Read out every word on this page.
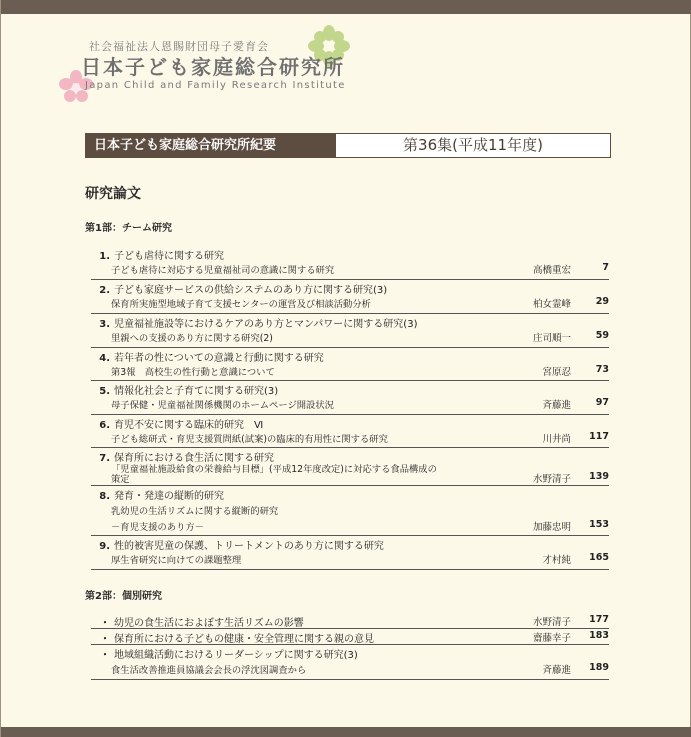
社会福祉法人恩賜財団母子愛育会
日本子ども家庭総合研究所
Japan Child and Family Research Institute
日本子ども家庭総合研究所紀要	第36集(平成11年度)
研究論文
第1部：チーム研究
第2部：個別研究
1. 子ども虐待に関する研究
子ども虐待に対応する児童福祉司の意識に関する研究	高橋重宏	7
2. 子ども家庭サービスの供給システムのあり方に関する研究(3)
保育所実施型地域子育て支援センターの運営及び相談活動分析	柏女霊峰	29
3. 児童福祉施設等におけるケアのあり方とマンパワーに関する研究(3)
里親への支援のあり方に関する研究(2)	庄司順一	59
4. 若年者の性についての意識と行動に関する研究
第3報　高校生の性行動と意識について	宮原忍	73
5. 情報化社会と子育てに関する研究(3)
母子保健・児童福祉関係機関のホームページ開設状況	斉藤進	97
6. 育児不安に関する臨床的研究　Ⅵ
子ども総研式・育児支援質問紙(試案)の臨床的有用性に関する研究	川井尚	117
7. 保育所における食生活に関する研究
「児童福祉施設給食の栄養給与目標」(平成12年度改定)に対応する食品構成の
策定	水野清子	139
8. 発育・発達の縦断的研究
乳幼児の生活リズムに関する縦断的研究
－育児支援のあり方－	加藤忠明	153
9. 性的被害児童の保護、トリートメントのあり方に関する研究
厚生省研究に向けての課題整理	才村純	165
・ 幼児の食生活におよぼす生活リズムの影響	水野清子	177
・ 保育所における子どもの健康・安全管理に関する親の意見	齋藤幸子	183
・ 地域組織活動におけるリーダーシップに関する研究(3)
食生活改善推進員協議会会長の浮沈図調査から	斉藤進	189
